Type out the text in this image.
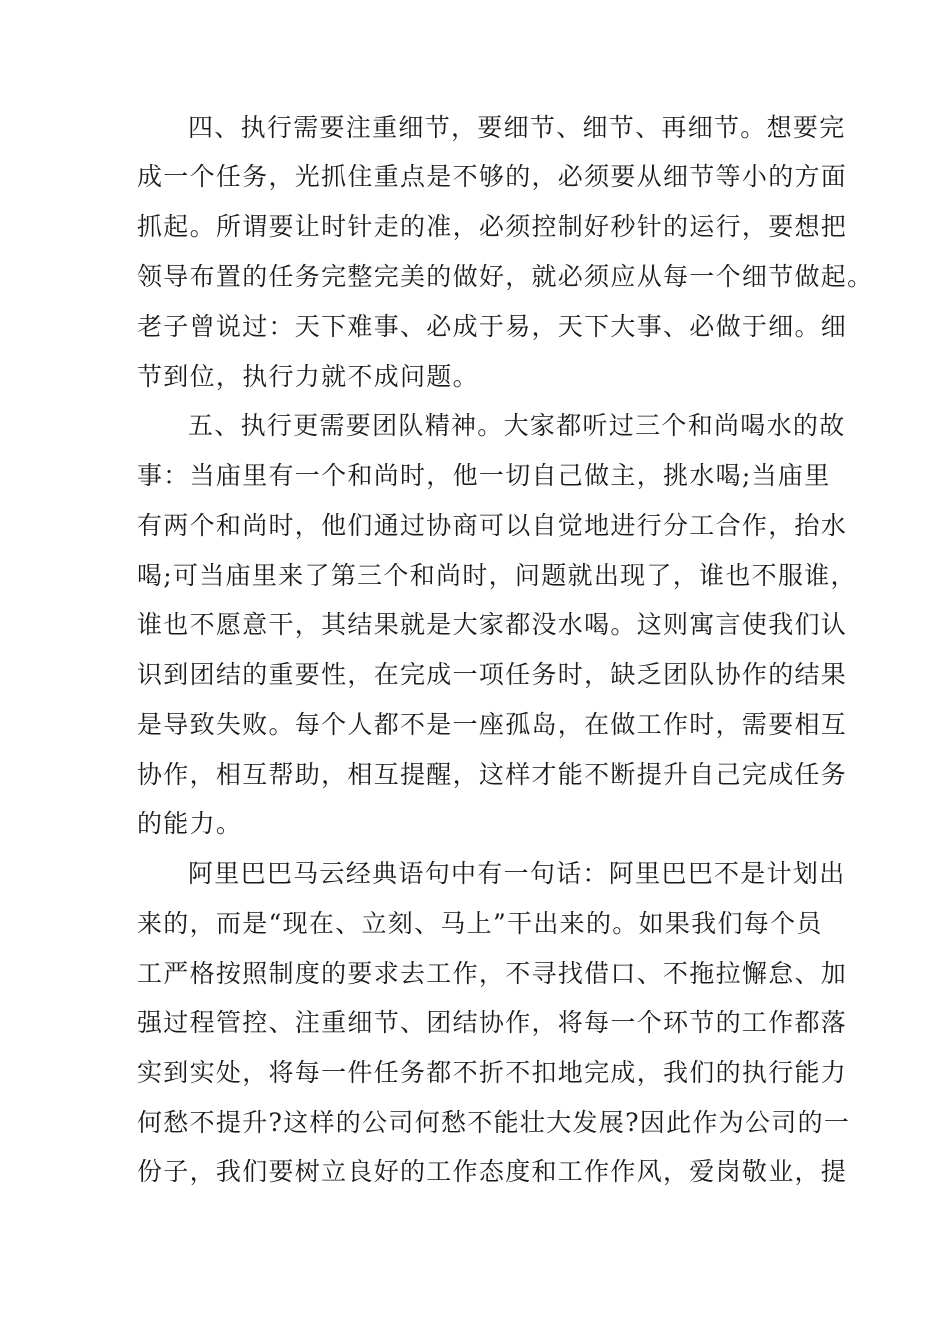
四、执行需要注重细节，要细节、细节、再细节。想要完
成一个任务，光抓住重点是不够的，必须要从细节等小的方面
抓起。所谓要让时针走的准，必须控制好秒针的运行，要想把
领导布置的任务完整完美的做好，就必须应从每一个细节做起。
老子曾说过：天下难事、必成于易，天下大事、必做于细。细
节到位，执行力就不成问题。
五、执行更需要团队精神。大家都听过三个和尚喝水的故
事：当庙里有一个和尚时，他一切自己做主，挑水喝;当庙里
有两个和尚时，他们通过协商可以自觉地进行分工合作，抬水
喝;可当庙里来了第三个和尚时，问题就出现了，谁也不服谁，
谁也不愿意干，其结果就是大家都没水喝。这则寓言使我们认
识到团结的重要性，在完成一项任务时，缺乏团队协作的结果
是导致失败。每个人都不是一座孤岛，在做工作时，需要相互
协作，相互帮助，相互提醒，这样才能不断提升自己完成任务
的能力。
阿里巴巴马云经典语句中有一句话：阿里巴巴不是计划出
来的，而是“现在、立刻、马上”干出来的。如果我们每个员
工严格按照制度的要求去工作，不寻找借口、不拖拉懈怠、加
强过程管控、注重细节、团结协作，将每一个环节的工作都落
实到实处，将每一件任务都不折不扣地完成，我们的执行能力
何愁不提升?这样的公司何愁不能壮大发展?因此作为公司的一
份子，我们要树立良好的工作态度和工作作风，爱岗敬业，提
